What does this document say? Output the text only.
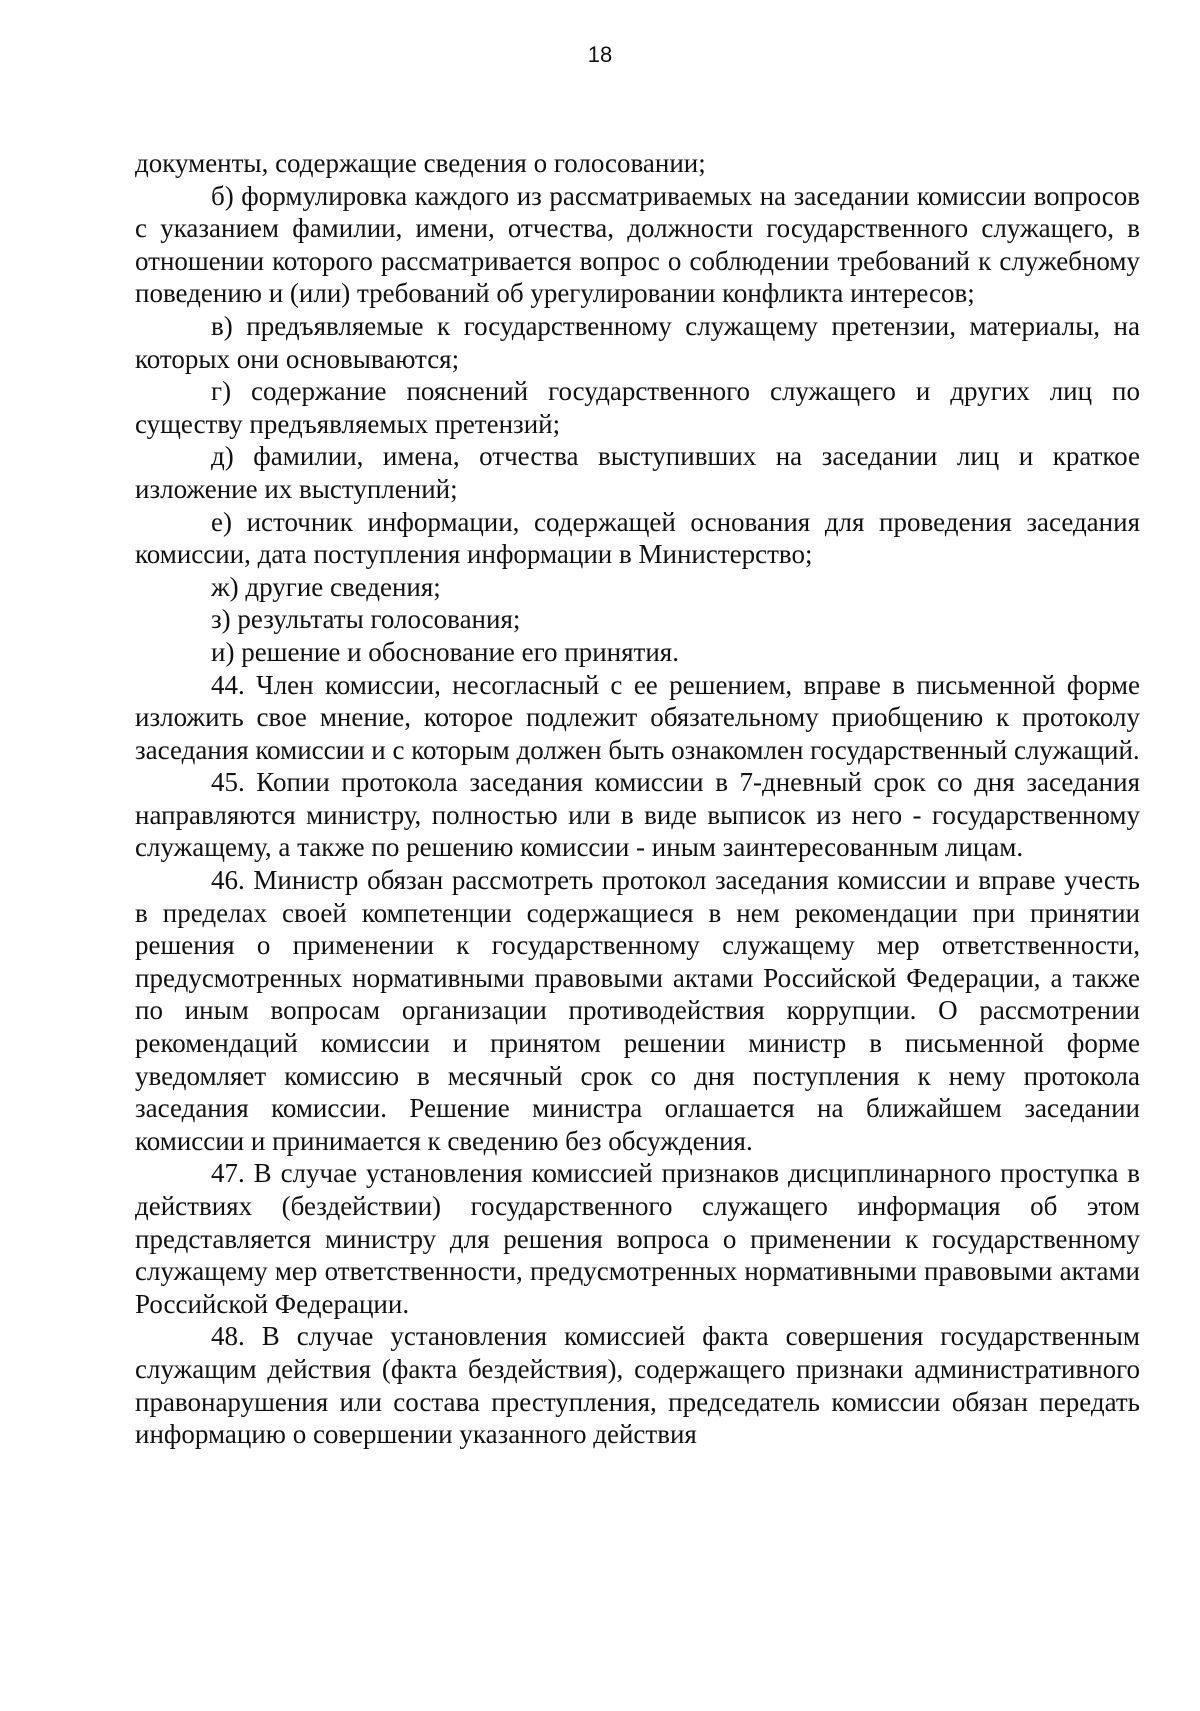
18

документы, содержащие сведения о голосовании;

б) формулировка каждого из рассматриваемых на заседании комиссии вопросов с указанием фамилии, имени, отчества, должности государственного служащего, в отношении которого рассматривается вопрос о соблюдении требований к служебному поведению и (или) требований об урегулировании конфликта интересов;

в) предъявляемые к государственному служащему претензии, материалы, на которых они основываются;

г) содержание пояснений государственного служащего и других лиц по существу предъявляемых претензий;

д) фамилии, имена, отчества выступивших на заседании лиц и краткое изложение их выступлений;

е) источник информации, содержащей основания для проведения заседания комиссии, дата поступления информации в Министерство;

ж) другие сведения;

з) результаты голосования;

и) решение и обоснование его принятия.

44. Член комиссии, несогласный с ее решением, вправе в письменной форме изложить свое мнение, которое подлежит обязательному приобщению к протоколу заседания комиссии и с которым должен быть ознакомлен государственный служащий.

45. Копии протокола заседания комиссии в 7-дневный срок со дня заседания направляются министру, полностью или в виде выписок из него - государственному служащему, а также по решению комиссии - иным заинтересованным лицам.

46. Министр обязан рассмотреть протокол заседания комиссии и вправе учесть в пределах своей компетенции содержащиеся в нем рекомендации при принятии решения о применении к государственному служащему мер ответственности, предусмотренных нормативными правовыми актами Российской Федерации, а также по иным вопросам организации противодействия коррупции. О рассмотрении рекомендаций комиссии и принятом решении министр в письменной форме уведомляет комиссию в месячный срок со дня поступления к нему протокола заседания комиссии. Решение министра оглашается на ближайшем заседании комиссии и принимается к сведению без обсуждения.

47. В случае установления комиссией признаков дисциплинарного проступка в действиях (бездействии) государственного служащего информация об этом представляется министру для решения вопроса о применении к государственному служащему мер ответственности, предусмотренных нормативными правовыми актами Российской Федерации.

48. В случае установления комиссией факта совершения государственным служащим действия (факта бездействия), содержащего признаки административного правонарушения или состава преступления, председатель комиссии обязан передать информацию о совершении указанного действия
